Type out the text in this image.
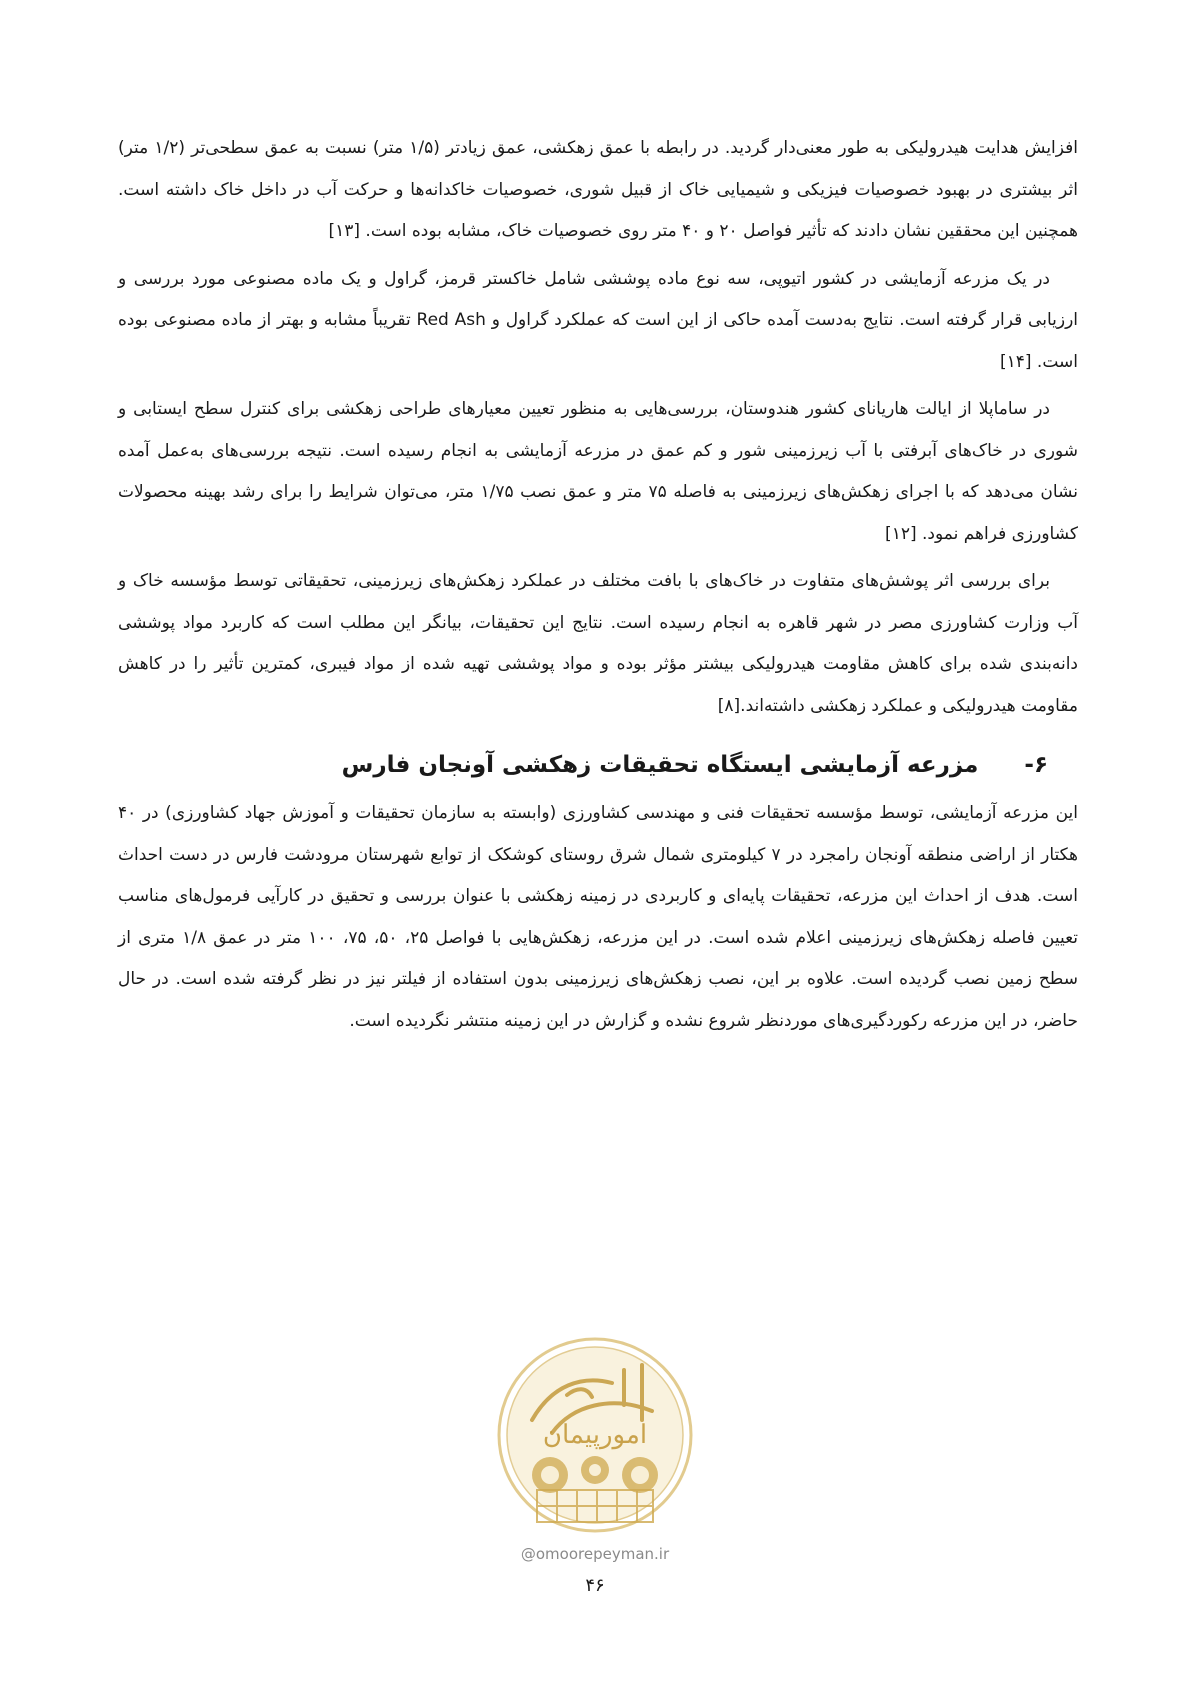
افزایش هدایت هیدرولیکی به طور معنی‌دار گردید. در رابطه با عمق زهکشی، عمق زیادتر (۱/۵ متر) نسبت به عمق سطحی‌تر (۱/۲ متر) اثر بیشتری در بهبود خصوصیات فیزیکی و شیمیایی خاک از قبیل شوری، خصوصیات خاکدانه‌ها و حرکت آب در داخل خاک داشته است. همچنین این محققین نشان دادند که تأثیر فواصل ۲۰ و ۴۰ متر روی خصوصیات خاک، مشابه بوده است. [۱۳]

در یک مزرعه آزمایشی در کشور اتیوپی، سه نوع ماده پوششی شامل خاکستر قرمز، گراول و یک ماده مصنوعی مورد بررسی و ارزیابی قرار گرفته است. نتایج به‌دست آمده حاکی از این است که عملکرد گراول و Red Ash تقریباً مشابه و بهتر از ماده مصنوعی بوده است. [۱۴]

در ساماپلا از ایالت هاریانای کشور هندوستان، بررسی‌هایی به منظور تعیین معیارهای طراحی زهکشی برای کنترل سطح ایستابی و شوری در خاک‌های آبرفتی با آب زیرزمینی شور و کم عمق در مزرعه آزمایشی به انجام رسیده است. نتیجه بررسی‌های به‌عمل آمده نشان می‌دهد که با اجرای زهکش‌های زیرزمینی به فاصله ۷۵ متر و عمق نصب ۱/۷۵ متر، می‌توان شرایط را برای رشد بهینه محصولات کشاورزی فراهم نمود. [۱۲]

برای بررسی اثر پوشش‌های متفاوت در خاک‌های با بافت مختلف در عملکرد زهکش‌های زیرزمینی، تحقیقاتی توسط مؤسسه خاک و آب وزارت کشاورزی مصر در شهر قاهره به انجام رسیده است. نتایج این تحقیقات، بیانگر این مطلب است که کاربرد مواد پوششی دانه‌بندی شده برای کاهش مقاومت هیدرولیکی بیشتر مؤثر بوده و مواد پوششی تهیه شده از مواد فیبری، کمترین تأثیر را در کاهش مقاومت هیدرولیکی و عملکرد زهکشی داشته‌اند.[۸]

۶-مزرعه آزمایشی ایستگاه تحقیقات زهکشی آونجان فارس

این مزرعه آزمایشی، توسط مؤسسه تحقیقات فنی و مهندسی کشاورزی (وابسته به سازمان تحقیقات و آموزش جهاد کشاورزی) در ۴۰ هکتار از اراضی منطقه آونجان رامجرد در ۷ کیلومتری شمال شرق روستای کوشکک از توابع شهرستان مرودشت فارس در دست احداث است. هدف از احداث این مزرعه، تحقیقات پایه‌ای و کاربردی در زمینه زهکشی با عنوان بررسی و تحقیق در کارآیی فرمول‌های مناسب تعیین فاصله زهکش‌های زیرزمینی اعلام شده است. در این مزرعه، زهکش‌هایی با فواصل ۲۵، ۵۰، ۷۵، ۱۰۰ متر در عمق ۱/۸ متری از سطح زمین نصب گردیده است. علاوه بر این، نصب زهکش‌های زیرزمینی بدون استفاده از فیلتر نیز در نظر گرفته شده است. در حال حاضر، در این مزرعه رکوردگیری‌های موردنظر شروع نشده و گزارش در این زمینه منتشر نگردیده است.

امورپیمان
@omoorepeyman.ir
۴۶
